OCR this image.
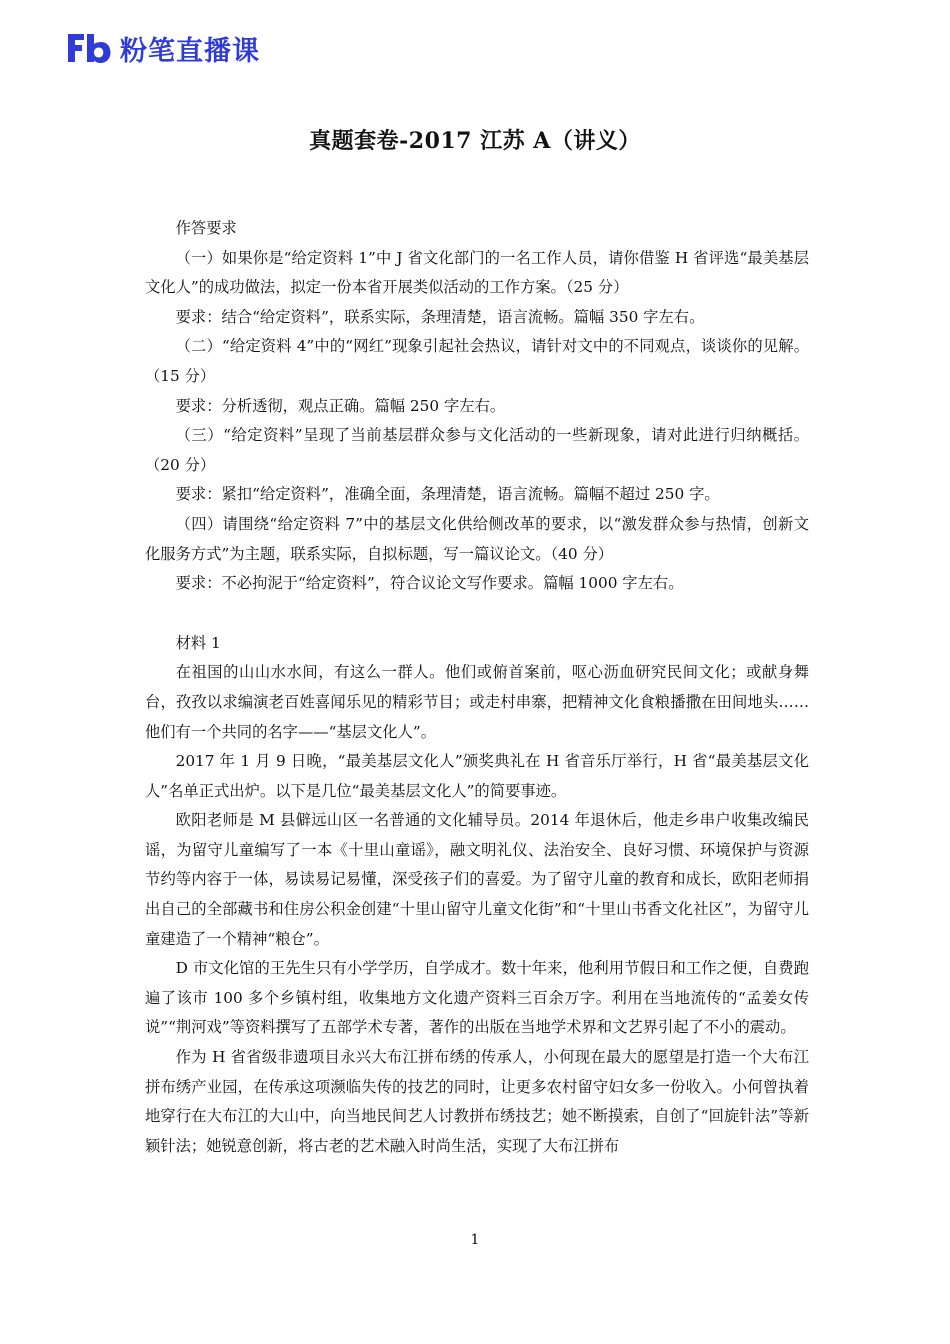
粉笔直播课
真题套卷-2017 江苏 A（讲义）

作答要求

（一）如果你是“给定资料 1”中 J 省文化部门的一名工作人员，请你借鉴 H 省评选“最美基层文化人”的成功做法，拟定一份本省开展类似活动的工作方案。（25 分）

要求：结合“给定资料”，联系实际，条理清楚，语言流畅。篇幅 350 字左右。

（二）“给定资料 4”中的“网红”现象引起社会热议，请针对文中的不同观点，谈谈你的见解。（15 分）

要求：分析透彻，观点正确。篇幅 250 字左右。

（三）“给定资料”呈现了当前基层群众参与文化活动的一些新现象，请对此进行归纳概括。（20 分）

要求：紧扣“给定资料”，准确全面，条理清楚，语言流畅。篇幅不超过 250 字。

（四）请围绕“给定资料 7”中的基层文化供给侧改革的要求，以“激发群众参与热情，创新文化服务方式”为主题，联系实际，自拟标题，写一篇议论文。（40 分）

要求：不必拘泥于“给定资料”，符合议论文写作要求。篇幅 1000 字左右。

材料 1

在祖国的山山水水间，有这么一群人。他们或俯首案前，呕心沥血研究民间文化；或献身舞台，孜孜以求编演老百姓喜闻乐见的精彩节目；或走村串寨，把精神文化食粮播撒在田间地头……他们有一个共同的名字——“基层文化人”。

2017 年 1 月 9 日晚，“最美基层文化人”颁奖典礼在 H 省音乐厅举行，H 省“最美基层文化人”名单正式出炉。以下是几位“最美基层文化人”的简要事迹。

欧阳老师是 M 县僻远山区一名普通的文化辅导员。2014 年退休后，他走乡串户收集改编民谣，为留守儿童编写了一本《十里山童谣》，融文明礼仪、法治安全、良好习惯、环境保护与资源节约等内容于一体，易读易记易懂，深受孩子们的喜爱。为了留守儿童的教育和成长，欧阳老师捐出自己的全部藏书和住房公积金创建“十里山留守儿童文化街”和“十里山书香文化社区”，为留守儿童建造了一个精神“粮仓”。

D 市文化馆的王先生只有小学学历，自学成才。数十年来，他利用节假日和工作之便，自费跑遍了该市 100 多个乡镇村组，收集地方文化遗产资料三百余万字。利用在当地流传的“孟姜女传说”“荆河戏”等资料撰写了五部学术专著，著作的出版在当地学术界和文艺界引起了不小的震动。

作为 H 省省级非遗项目永兴大布江拼布绣的传承人，小何现在最大的愿望是打造一个大布江拼布绣产业园，在传承这项濒临失传的技艺的同时，让更多农村留守妇女多一份收入。小何曾执着地穿行在大布江的大山中，向当地民间艺人讨教拼布绣技艺；她不断摸索，自创了“回旋针法”等新颖针法；她锐意创新，将古老的艺术融入时尚生活，实现了大布江拼布

1
